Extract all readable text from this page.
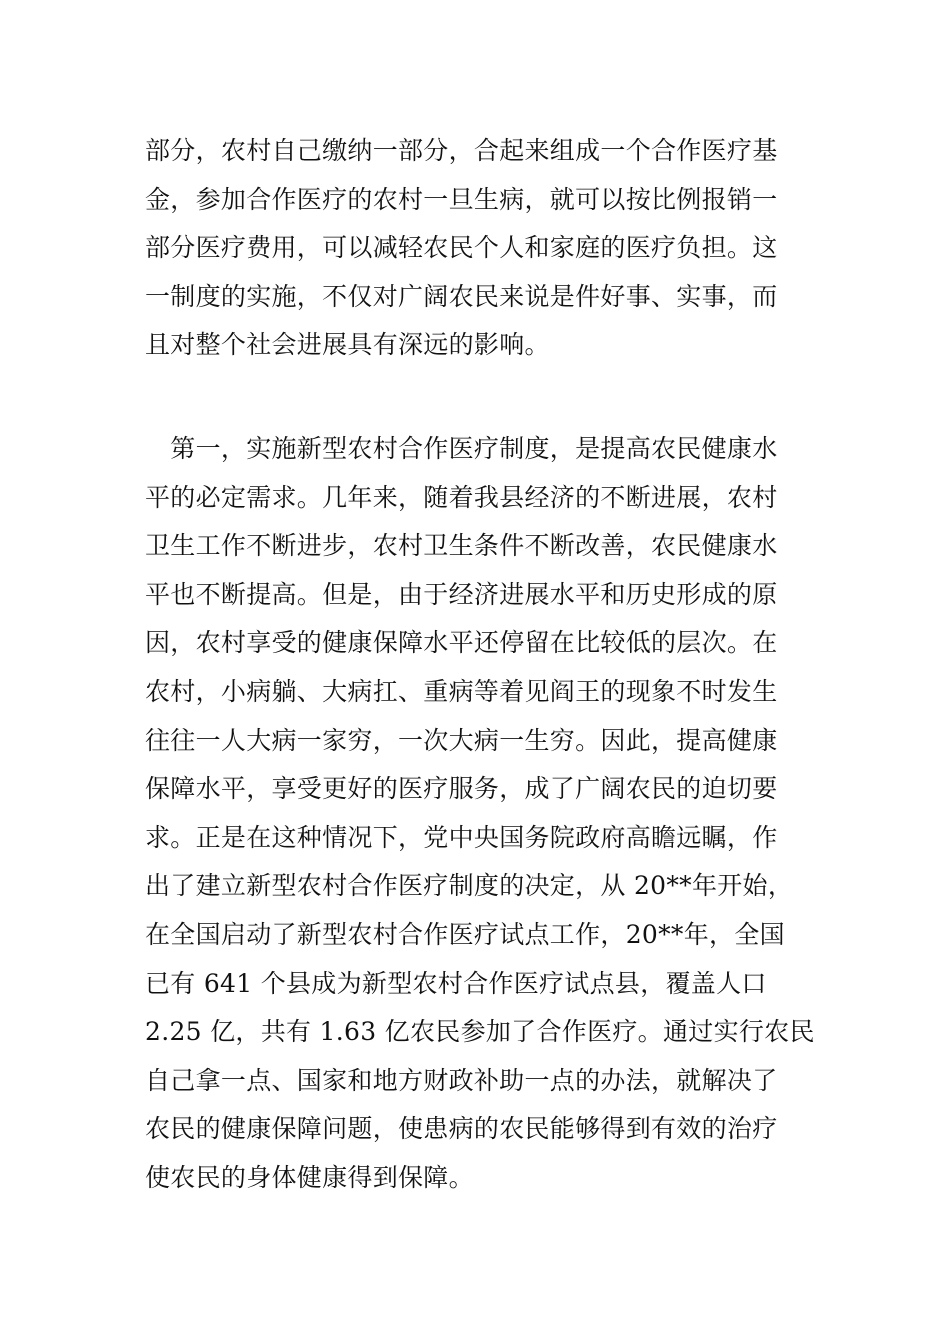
部分，农村自己缴纳一部分，合起来组成一个合作医疗基
金，参加合作医疗的农村一旦生病，就可以按比例报销一
部分医疗费用，可以减轻农民个人和家庭的医疗负担。这
一制度的实施，不仅对广阔农民来说是件好事、实事，而
且对整个社会进展具有深远的影响。
　第一，实施新型农村合作医疗制度，是提高农民健康水
平的必定需求。几年来，随着我县经济的不断进展，农村
卫生工作不断进步，农村卫生条件不断改善，农民健康水
平也不断提高。但是，由于经济进展水平和历史形成的原
因，农村享受的健康保障水平还停留在比较低的层次。在
农村，小病躺、大病扛、重病等着见阎王的现象不时发生
往往一人大病一家穷，一次大病一生穷。因此，提高健康
保障水平，享受更好的医疗服务，成了广阔农民的迫切要
求。正是在这种情况下，党中央国务院政府高瞻远瞩，作
出了建立新型农村合作医疗制度的决定，从 20**年开始，
在全国启动了新型农村合作医疗试点工作，20**年，全国
已有 641 个县成为新型农村合作医疗试点县，覆盖人口
2.25 亿，共有 1.63 亿农民参加了合作医疗。通过实行农民
自己拿一点、国家和地方财政补助一点的办法，就解决了
农民的健康保障问题，使患病的农民能够得到有效的治疗
使农民的身体健康得到保障。
